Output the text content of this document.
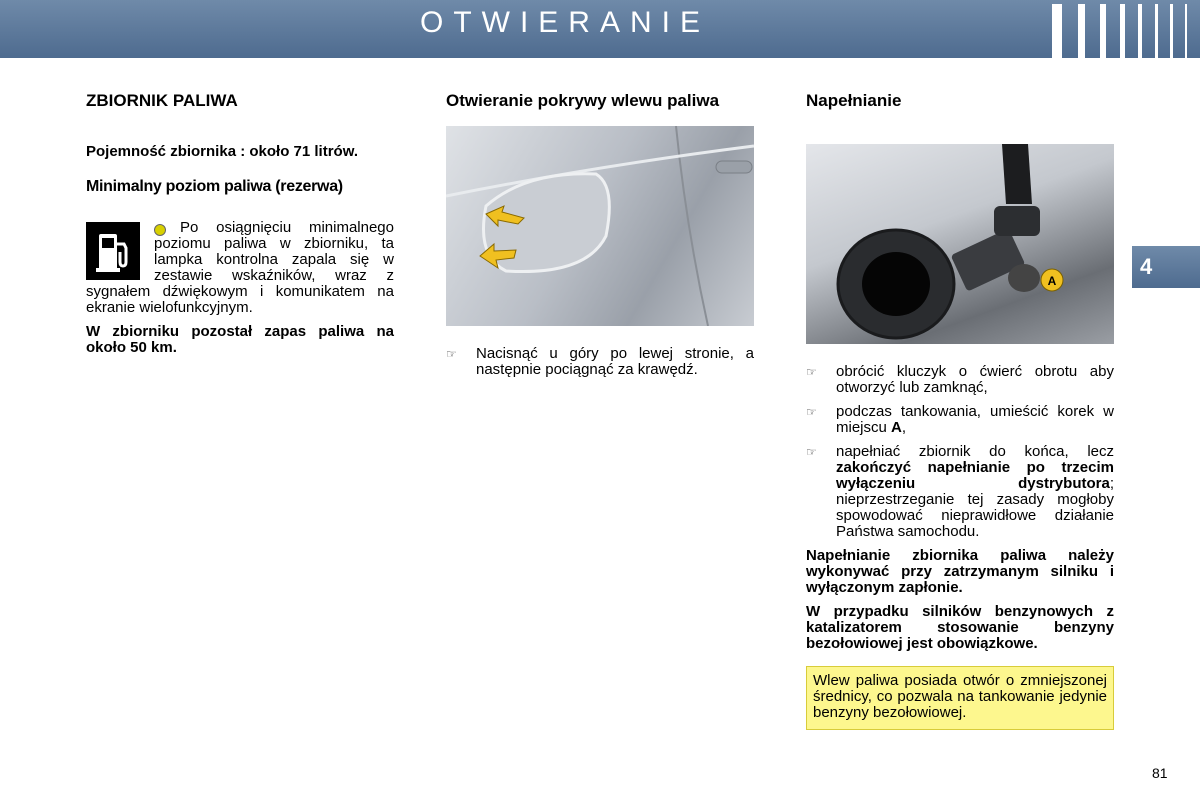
OTWIERANIE
4
ZBIORNIK PALIWA

Pojemność zbiornika : około 71 litrów.

Minimalny poziom paliwa (rezerwa)

Po osiągnięciu minimalnego poziomu paliwa w zbiorniku, ta lampka kontrolna zapala się w zestawie wskaźników, wraz z sygnałem dźwiękowym i komunikatem na ekranie wielofunkcyjnym.

W zbiorniku pozostał zapas paliwa na około 50 km.

Otwieranie pokrywy wlewu paliwa
☞ Nacisnąć u góry po lewej stronie, a następnie pociągnąć za krawędź.
Napełnianie
A
☞ obrócić kluczyk o ćwierć obrotu aby otworzyć lub zamknąć,
☞ podczas tankowania, umieścić korek w miejscu A,
☞ napełniać zbiornik do końca, lecz zakończyć napełnianie po trzecim wyłączeniu dystrybutora; nieprzestrzeganie tej zasady mogłoby spowodować nieprawidłowe działanie Państwa samochodu.

Napełnianie zbiornika paliwa należy wykonywać przy zatrzymanym silniku i wyłączonym zapłonie.

W przypadku silników benzynowych z katalizatorem stosowanie benzyny bezołowiowej jest obowiązkowe.

Wlew paliwa posiada otwór o zmniejszonej średnicy, co pozwala na tankowanie jedynie benzyny bezołowiowej.
81
